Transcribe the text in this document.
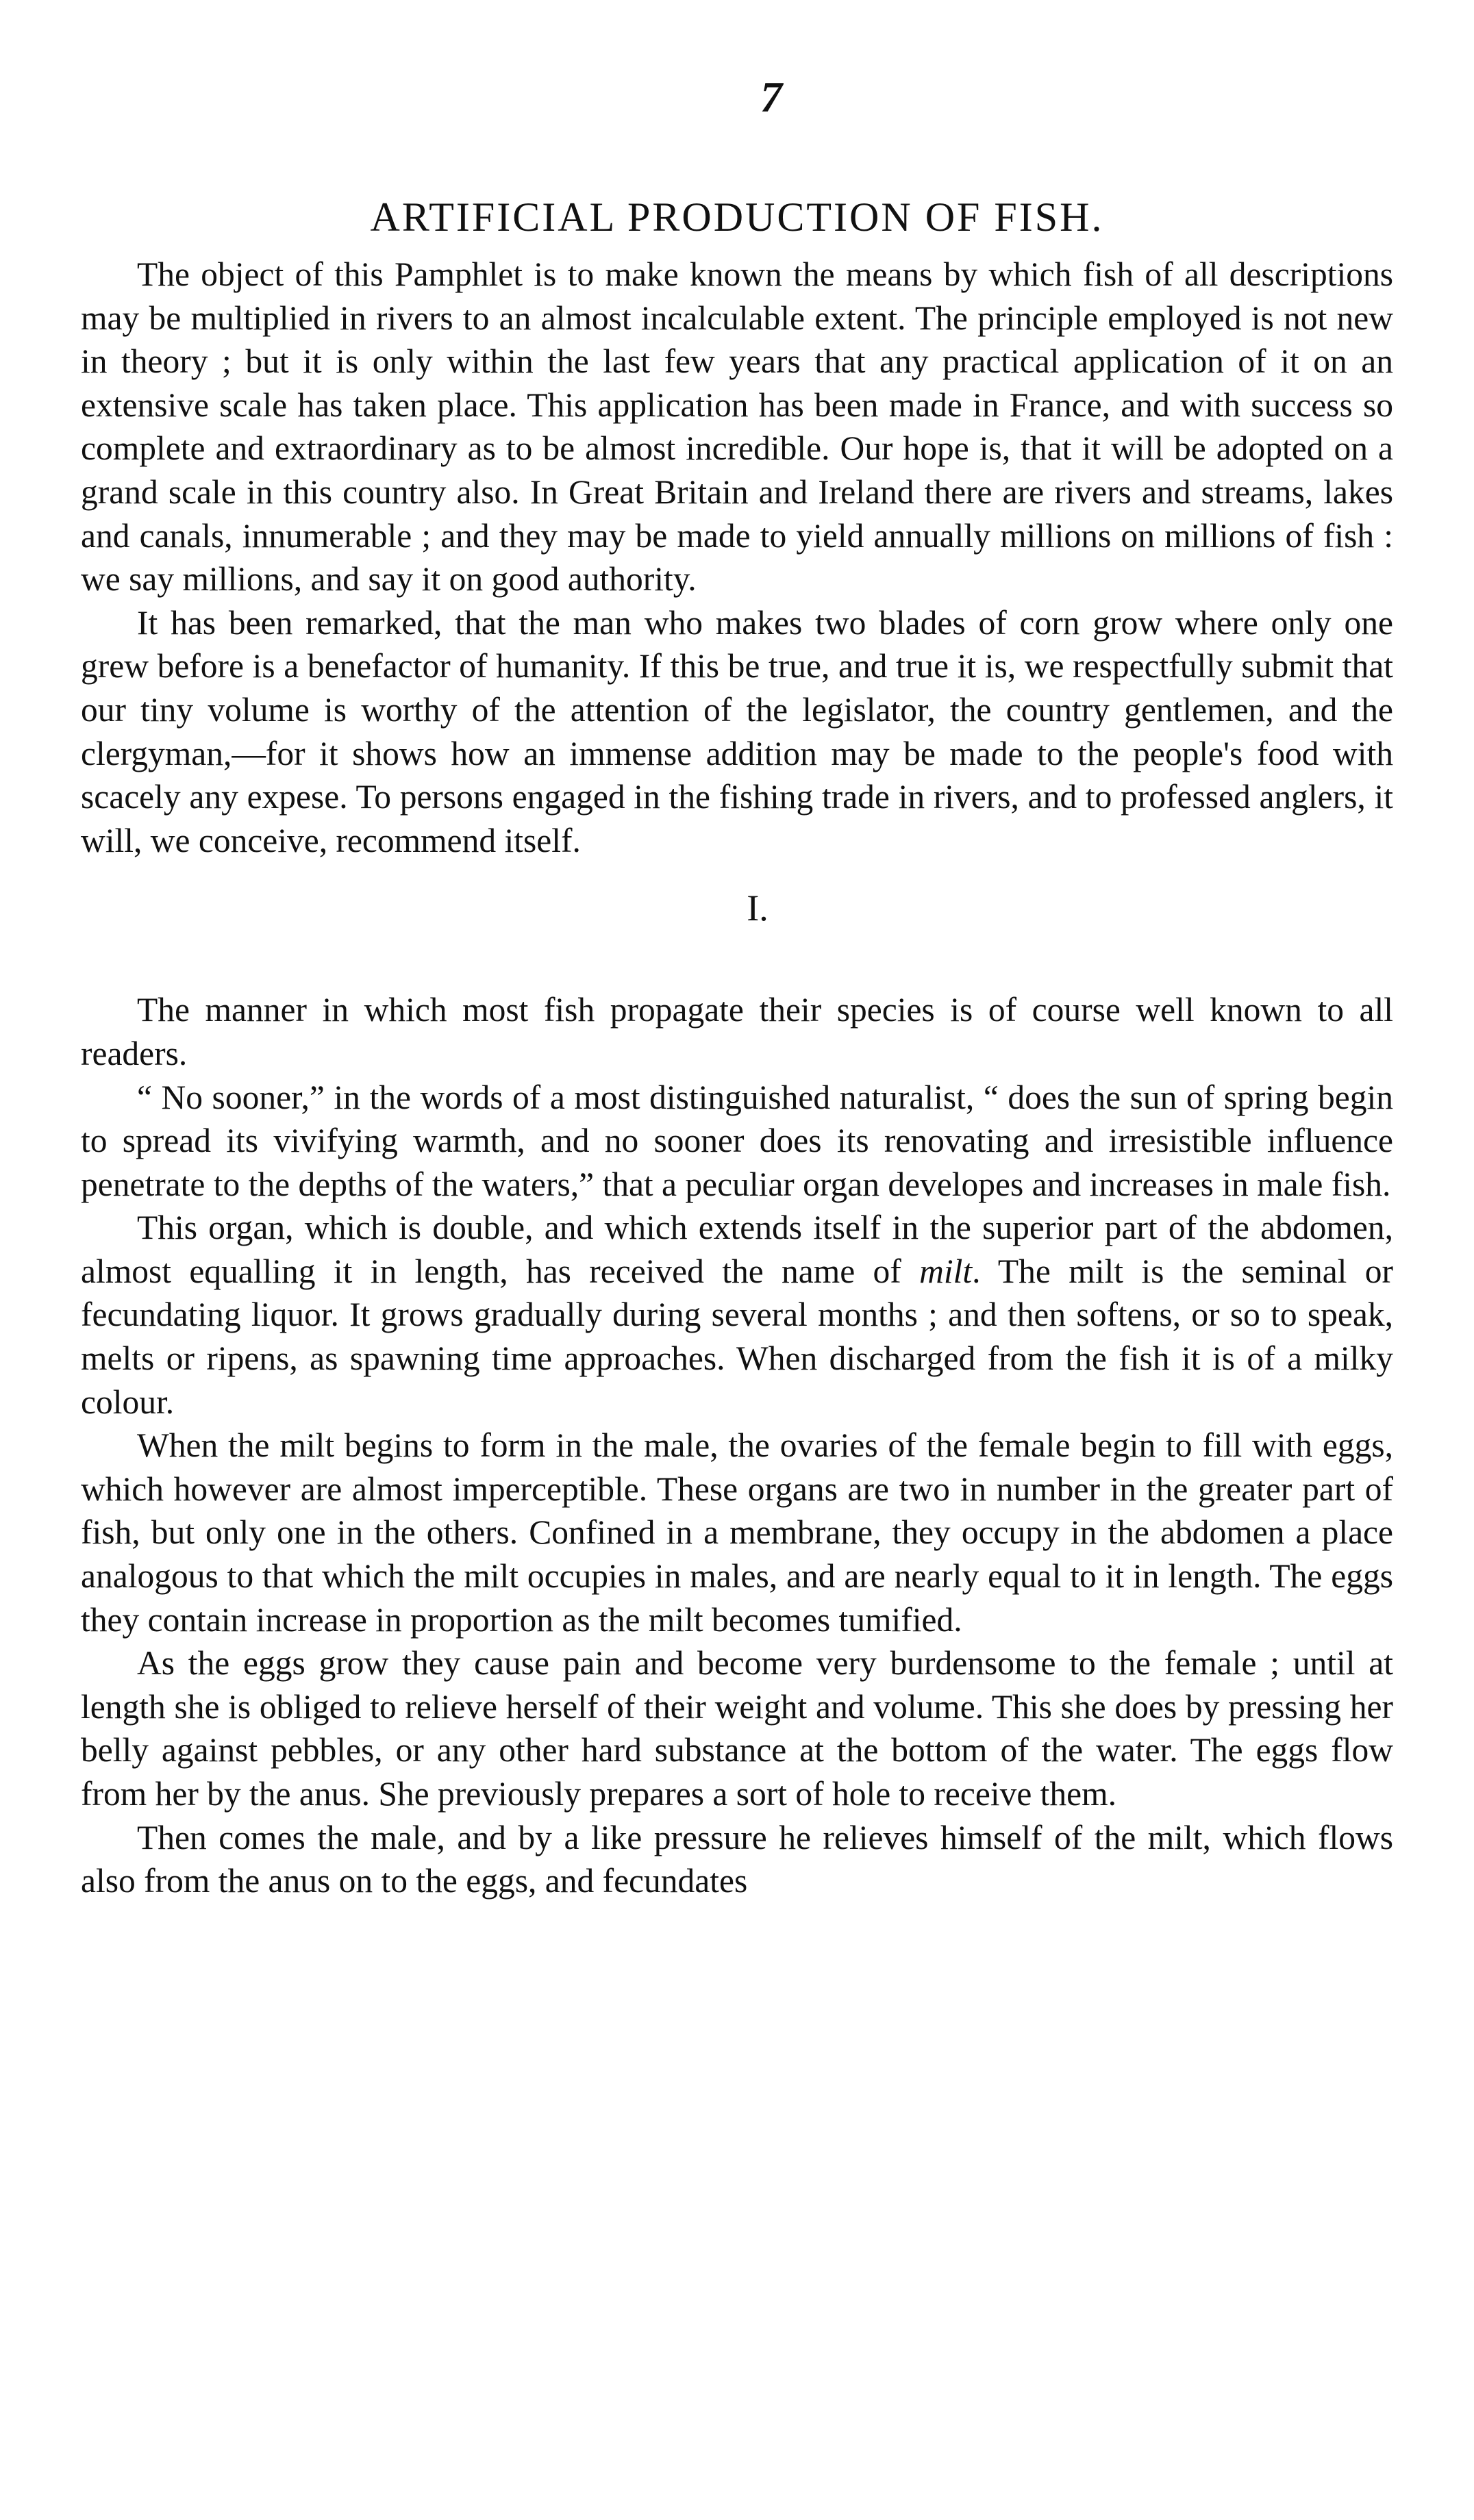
7
ARTIFICIAL PRODUCTION OF FISH.

The object of this Pamphlet is to make known the means by which fish of all descriptions may be multiplied in rivers to an almost incalculable extent. The principle employed is not new in theory ; but it is only within the last few years that any practical application of it on an extensive scale has taken place. This application has been made in France, and with success so complete and extraordinary as to be almost incredible. Our hope is, that it will be adopted on a grand scale in this country also. In Great Britain and Ireland there are rivers and streams, lakes and canals, innumerable ; and they may be made to yield annually millions on millions of fish : we say millions, and say it on good authority.

It has been remarked, that the man who makes two blades of corn grow where only one grew before is a benefactor of humanity. If this be true, and true it is, we respectfully submit that our tiny volume is worthy of the attention of the legislator, the country gentlemen, and the clergyman,—for it shows how an immense addition may be made to the people's food with scacely any expese. To persons engaged in the fishing trade in rivers, and to professed anglers, it will, we conceive, recommend itself.

I.

The manner in which most fish propagate their species is of course well known to all readers.

“ No sooner,” in the words of a most distinguished naturalist, “ does the sun of spring begin to spread its vivifying warmth, and no sooner does its renovating and irresistible influence penetrate to the depths of the waters,” that a peculiar organ developes and increases in male fish.

This organ, which is double, and which extends itself in the superior part of the abdomen, almost equalling it in length, has received the name of milt. The milt is the seminal or fecundating liquor. It grows gradually during several months ; and then softens, or so to speak, melts or ripens, as spawning time approaches. When discharged from the fish it is of a milky colour.

When the milt begins to form in the male, the ovaries of the female begin to fill with eggs, which however are almost imperceptible. These organs are two in number in the greater part of fish, but only one in the others. Confined in a membrane, they occupy in the abdomen a place analogous to that which the milt occupies in males, and are nearly equal to it in length. The eggs they contain increase in proportion as the milt becomes tumified.

As the eggs grow they cause pain and become very burdensome to the female ; until at length she is obliged to relieve herself of their weight and volume. This she does by pressing her belly against pebbles, or any other hard substance at the bottom of the water. The eggs flow from her by the anus. She previously prepares a sort of hole to receive them.

Then comes the male, and by a like pressure he relieves himself of the milt, which flows also from the anus on to the eggs, and fecundates
